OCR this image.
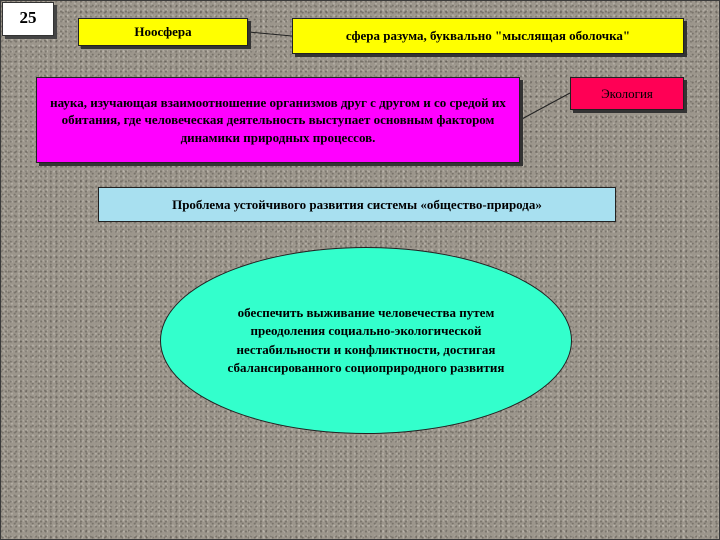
25
Ноосфера	сфера разума, буквально "мыслящая оболочка"
наука, изучающая взаимоотношение организмов друг с другом и со средой их обитания, где человеческая деятельность выступает основным фактором динамики природных процессов.
Экология
Проблема устойчивого развития системы «общество-природа»
обеспечить выживание человечества путем преодоления социально-экологической нестабильности и конфликтности, достигая сбалансированного социоприродного развития
